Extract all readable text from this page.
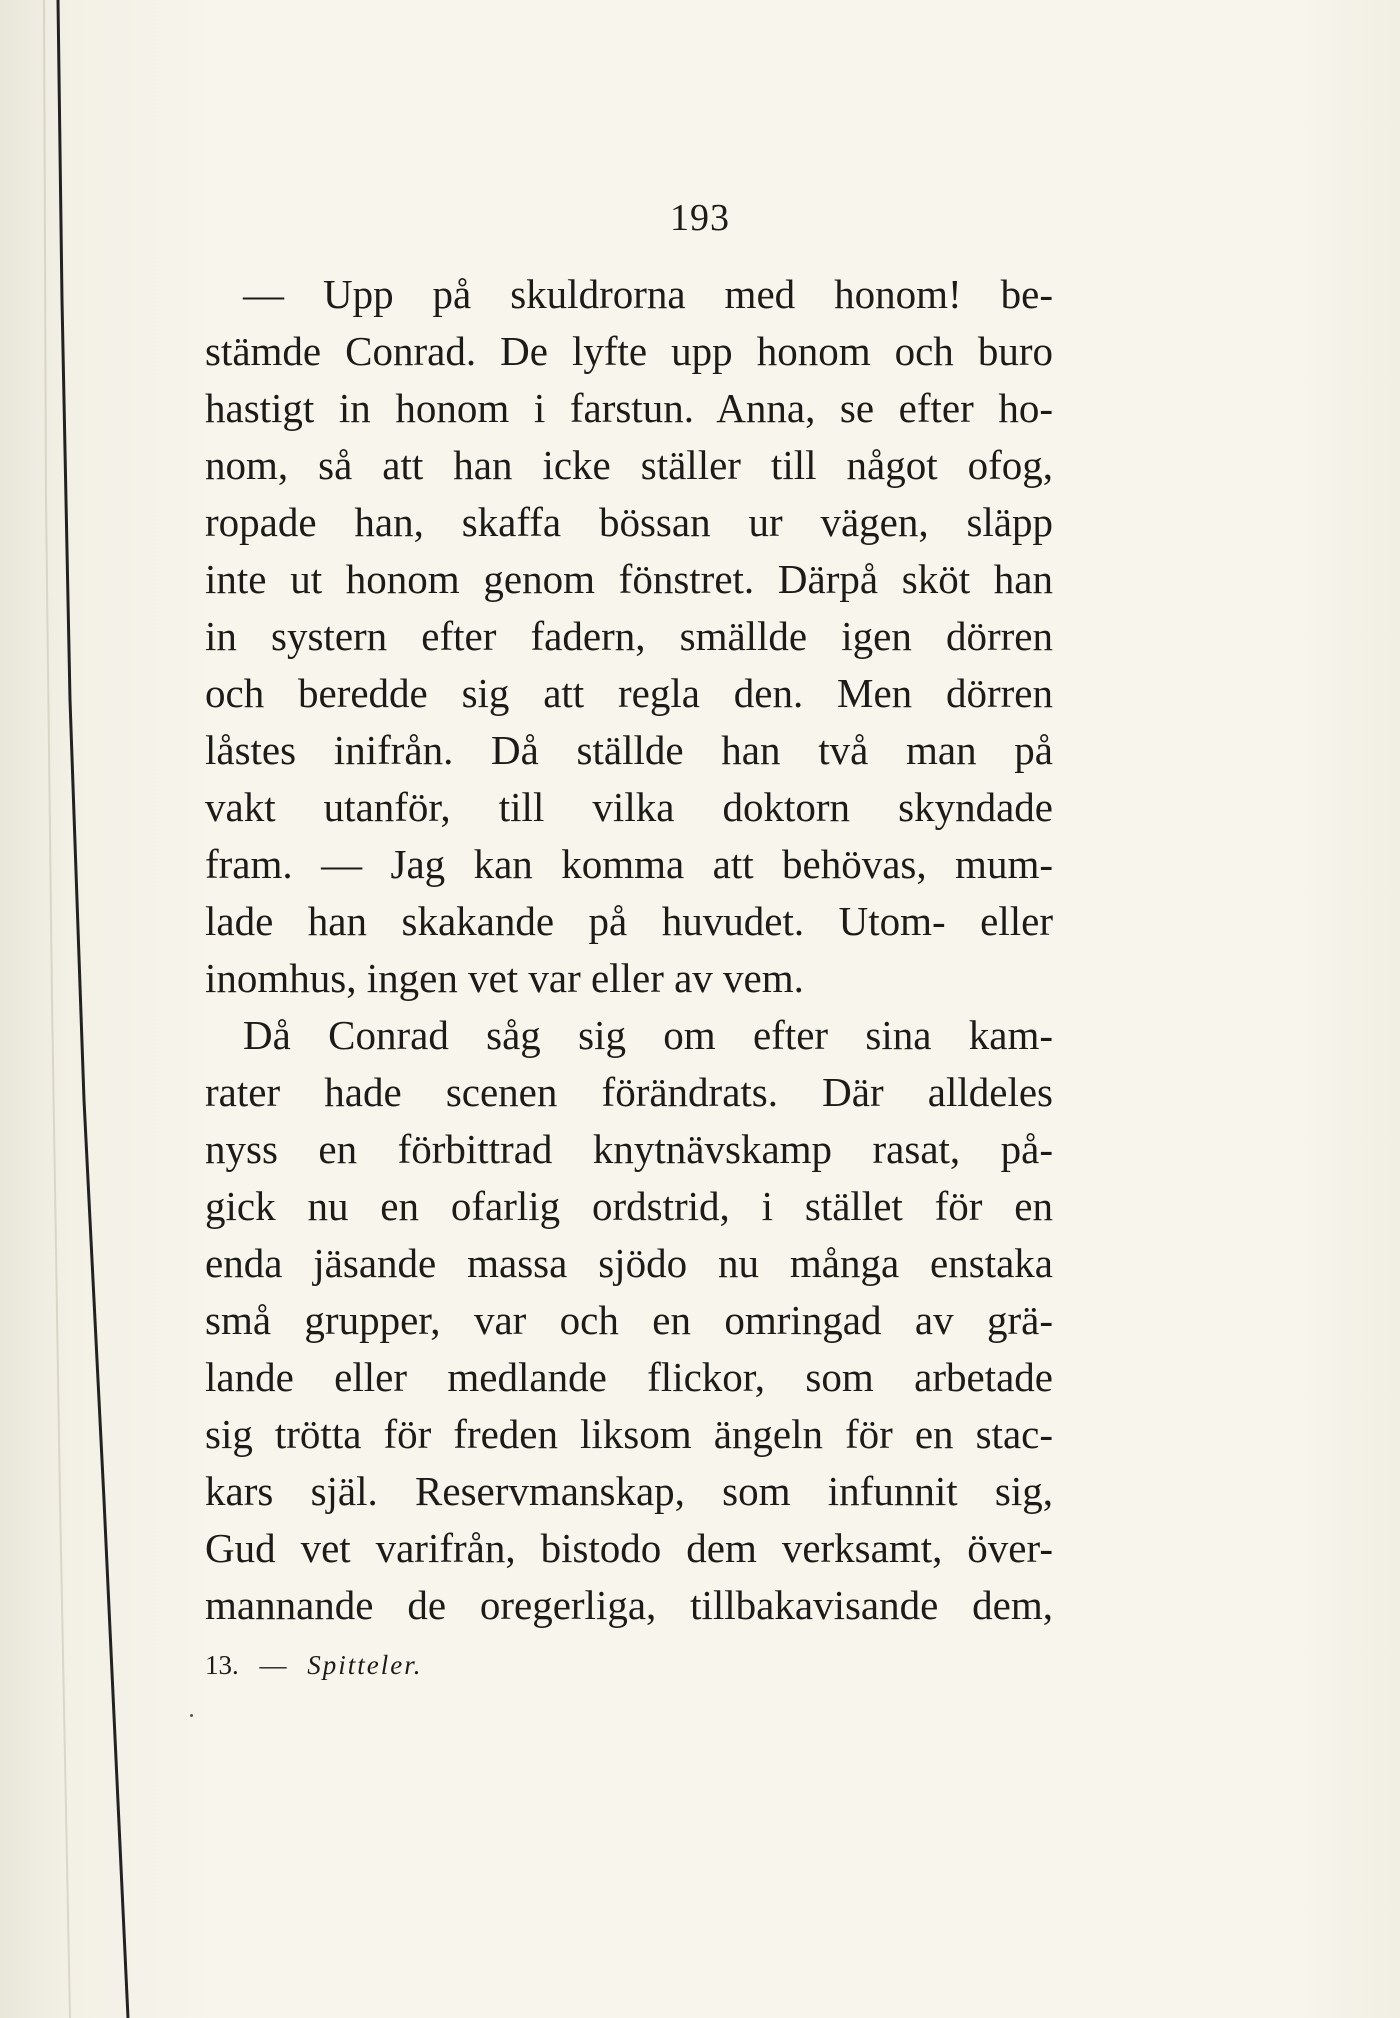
193
— Upp på skuldrorna med honom! be-
stämde Conrad. De lyfte upp honom och buro
hastigt in honom i farstun. Anna, se efter ho-
nom, så att han icke ställer till något ofog,
ropade han, skaffa bössan ur vägen, släpp
inte ut honom genom fönstret. Därpå sköt han
in systern efter fadern, smällde igen dörren
och beredde sig att regla den. Men dörren
låstes inifrån. Då ställde han två man på
vakt utanför, till vilka doktorn skyndade
fram. — Jag kan komma att behövas, mum-
lade han skakande på huvudet. Utom- eller
inomhus, ingen vet var eller av vem.
Då Conrad såg sig om efter sina kam-
rater hade scenen förändrats. Där alldeles
nyss en förbittrad knytnävskamp rasat, på-
gick nu en ofarlig ordstrid, i stället för en
enda jäsande massa sjödo nu många enstaka
små grupper, var och en omringad av grä-
lande eller medlande flickor, som arbetade
sig trötta för freden liksom ängeln för en stac-
kars själ. Reservmanskap, som infunnit sig,
Gud vet varifrån, bistodo dem verksamt, över-
mannande de oregerliga, tillbakavisande dem,
13. — Spitteler.
